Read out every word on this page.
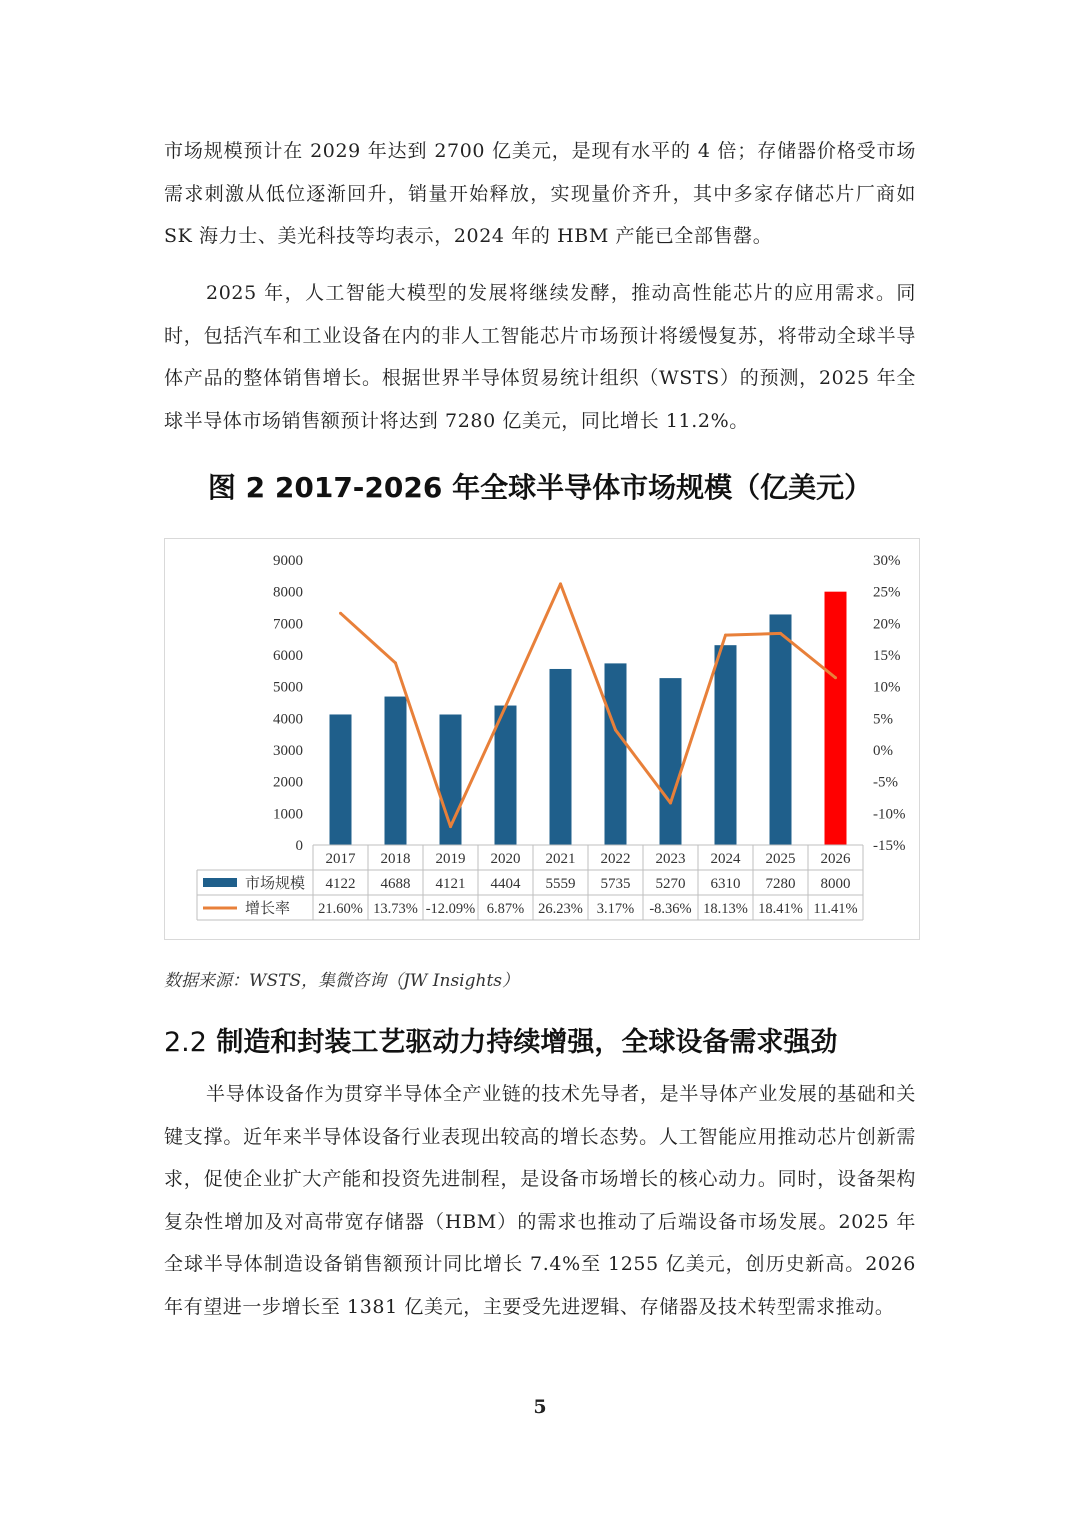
市场规模预计在 2029 年达到 2700 亿美元，是现有水平的 4 倍；存储器价格受市场需求刺激从低位逐渐回升，销量开始释放，实现量价齐升，其中多家存储芯片厂商如 SK 海力士、美光科技等均表示，2024 年的 HBM 产能已全部售罄。

2025 年，人工智能大模型的发展将继续发酵，推动高性能芯片的应用需求。同时，包括汽车和工业设备在内的非人工智能芯片市场预计将缓慢复苏，将带动全球半导体产品的整体销售增长。根据世界半导体贸易统计组织（WSTS）的预测，2025 年全球半导体市场销售额预计将达到 7280 亿美元，同比增长 11.2%。

图 2 2017-2026 年全球半导体市场规模（亿美元）
0
1000
2000
3000
4000
5000
6000
7000
8000
9000
-15%
-10%
-5%
0%
5%
10%
15%
20%
25%
30%
2017 2018 2019 2020 2021 2022 2023 2024 2025 2026
市场规模
增长率
4122 4688 4121 4404 5559 5735 5270 6310 7280 8000
21.60% 13.73% -12.09% 6.87% 26.23% 3.17% -8.36% 18.13% 18.41% 11.41%

数据来源：WSTS，集微咨询（JW Insights）

2.2 制造和封装工艺驱动力持续增强，全球设备需求强劲

半导体设备作为贯穿半导体全产业链的技术先导者，是半导体产业发展的基础和关键支撑。近年来半导体设备行业表现出较高的增长态势。人工智能应用推动芯片创新需求，促使企业扩大产能和投资先进制程，是设备市场增长的核心动力。同时，设备架构复杂性增加及对高带宽存储器（HBM）的需求也推动了后端设备市场发展。2025 年全球半导体制造设备销售额预计同比增长 7.4%至 1255 亿美元，创历史新高。2026 年有望进一步增长至 1381 亿美元，主要受先进逻辑、存储器及技术转型需求推动。

5
